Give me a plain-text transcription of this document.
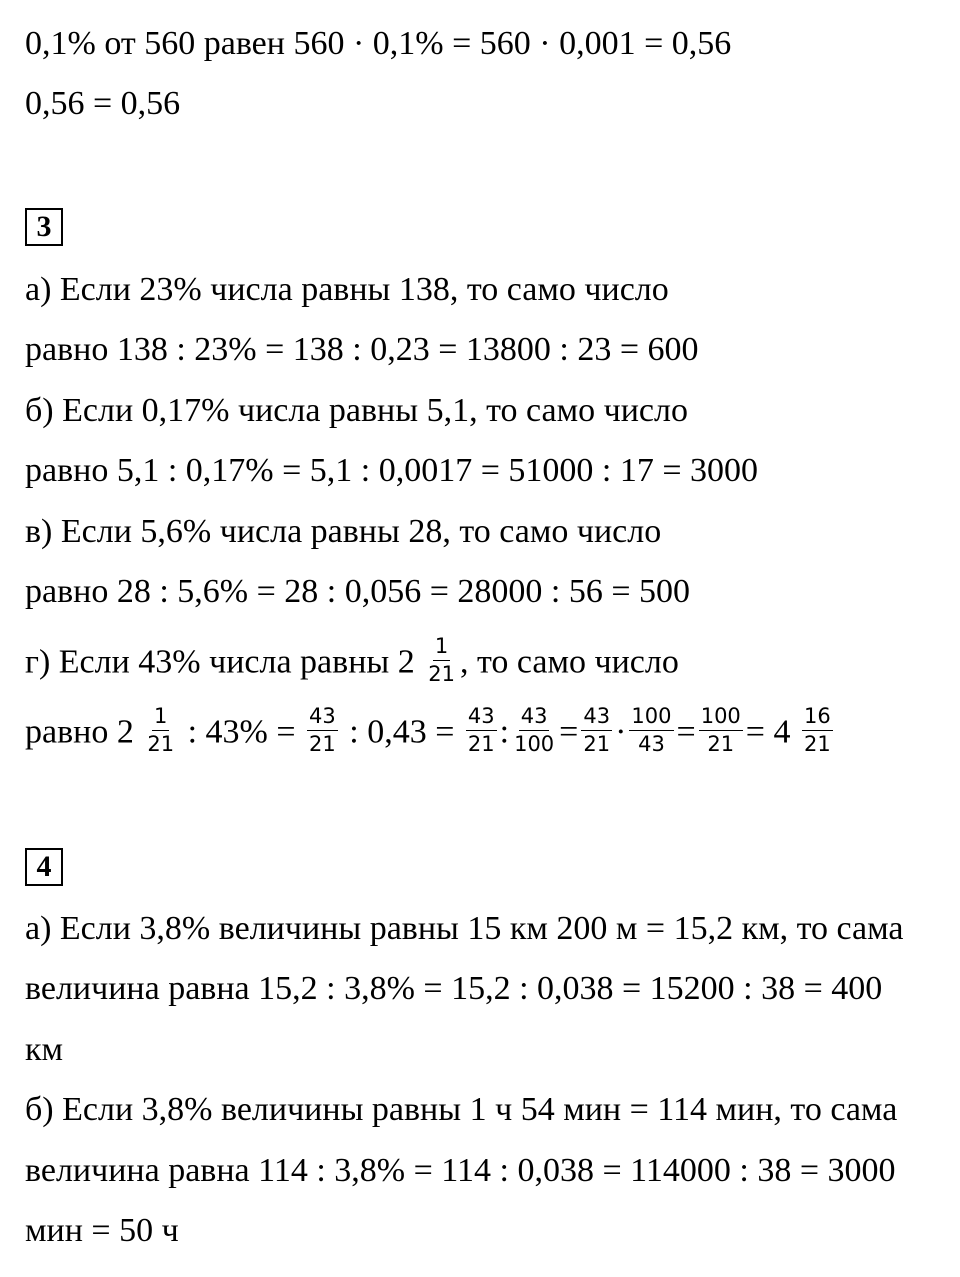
0,1% от 560 равен 560 · 0,1% = 560 · 0,001 = 0,56
0,56 = 0,56
3
а) Если 23% числа равны 138, то само число
равно 138 : 23% = 138 : 0,23 = 13800 : 23 = 600
б) Если 0,17% числа равны 5,1, то само число
равно 5,1 : 0,17% = 5,1 : 0,0017 = 51000 : 17 = 3000
в) Если 5,6% числа равны 28, то само число
равно 28 : 5,6% = 28 : 0,056 = 28000 : 56 = 500
г) Если 43% числа равны $2 \frac{1}{21}$ , то само число
равно $2 \frac{1}{21}$ : $43\% = \frac{43}{21}$ : $0,43 = \frac{43}{21}$ : $\frac{43}{100} = \frac{43}{21} \cdot \frac{100}{43} = \frac{100}{21} = 4 \frac{16}{21}$
4
а) Если 3,8% величины равны 15 км 200 м = 15,2 км, то сама
величина равна 15,2 : 3,8% = 15,2 : 0,038 = 15200 : 38 = 400
км
б) Если 3,8% величины равны 1 ч 54 мин = 114 мин, то сама
величина равна 114 : 3,8% = 114 : 0,038 = 114000 : 38 = 3000
мин = 50 ч
